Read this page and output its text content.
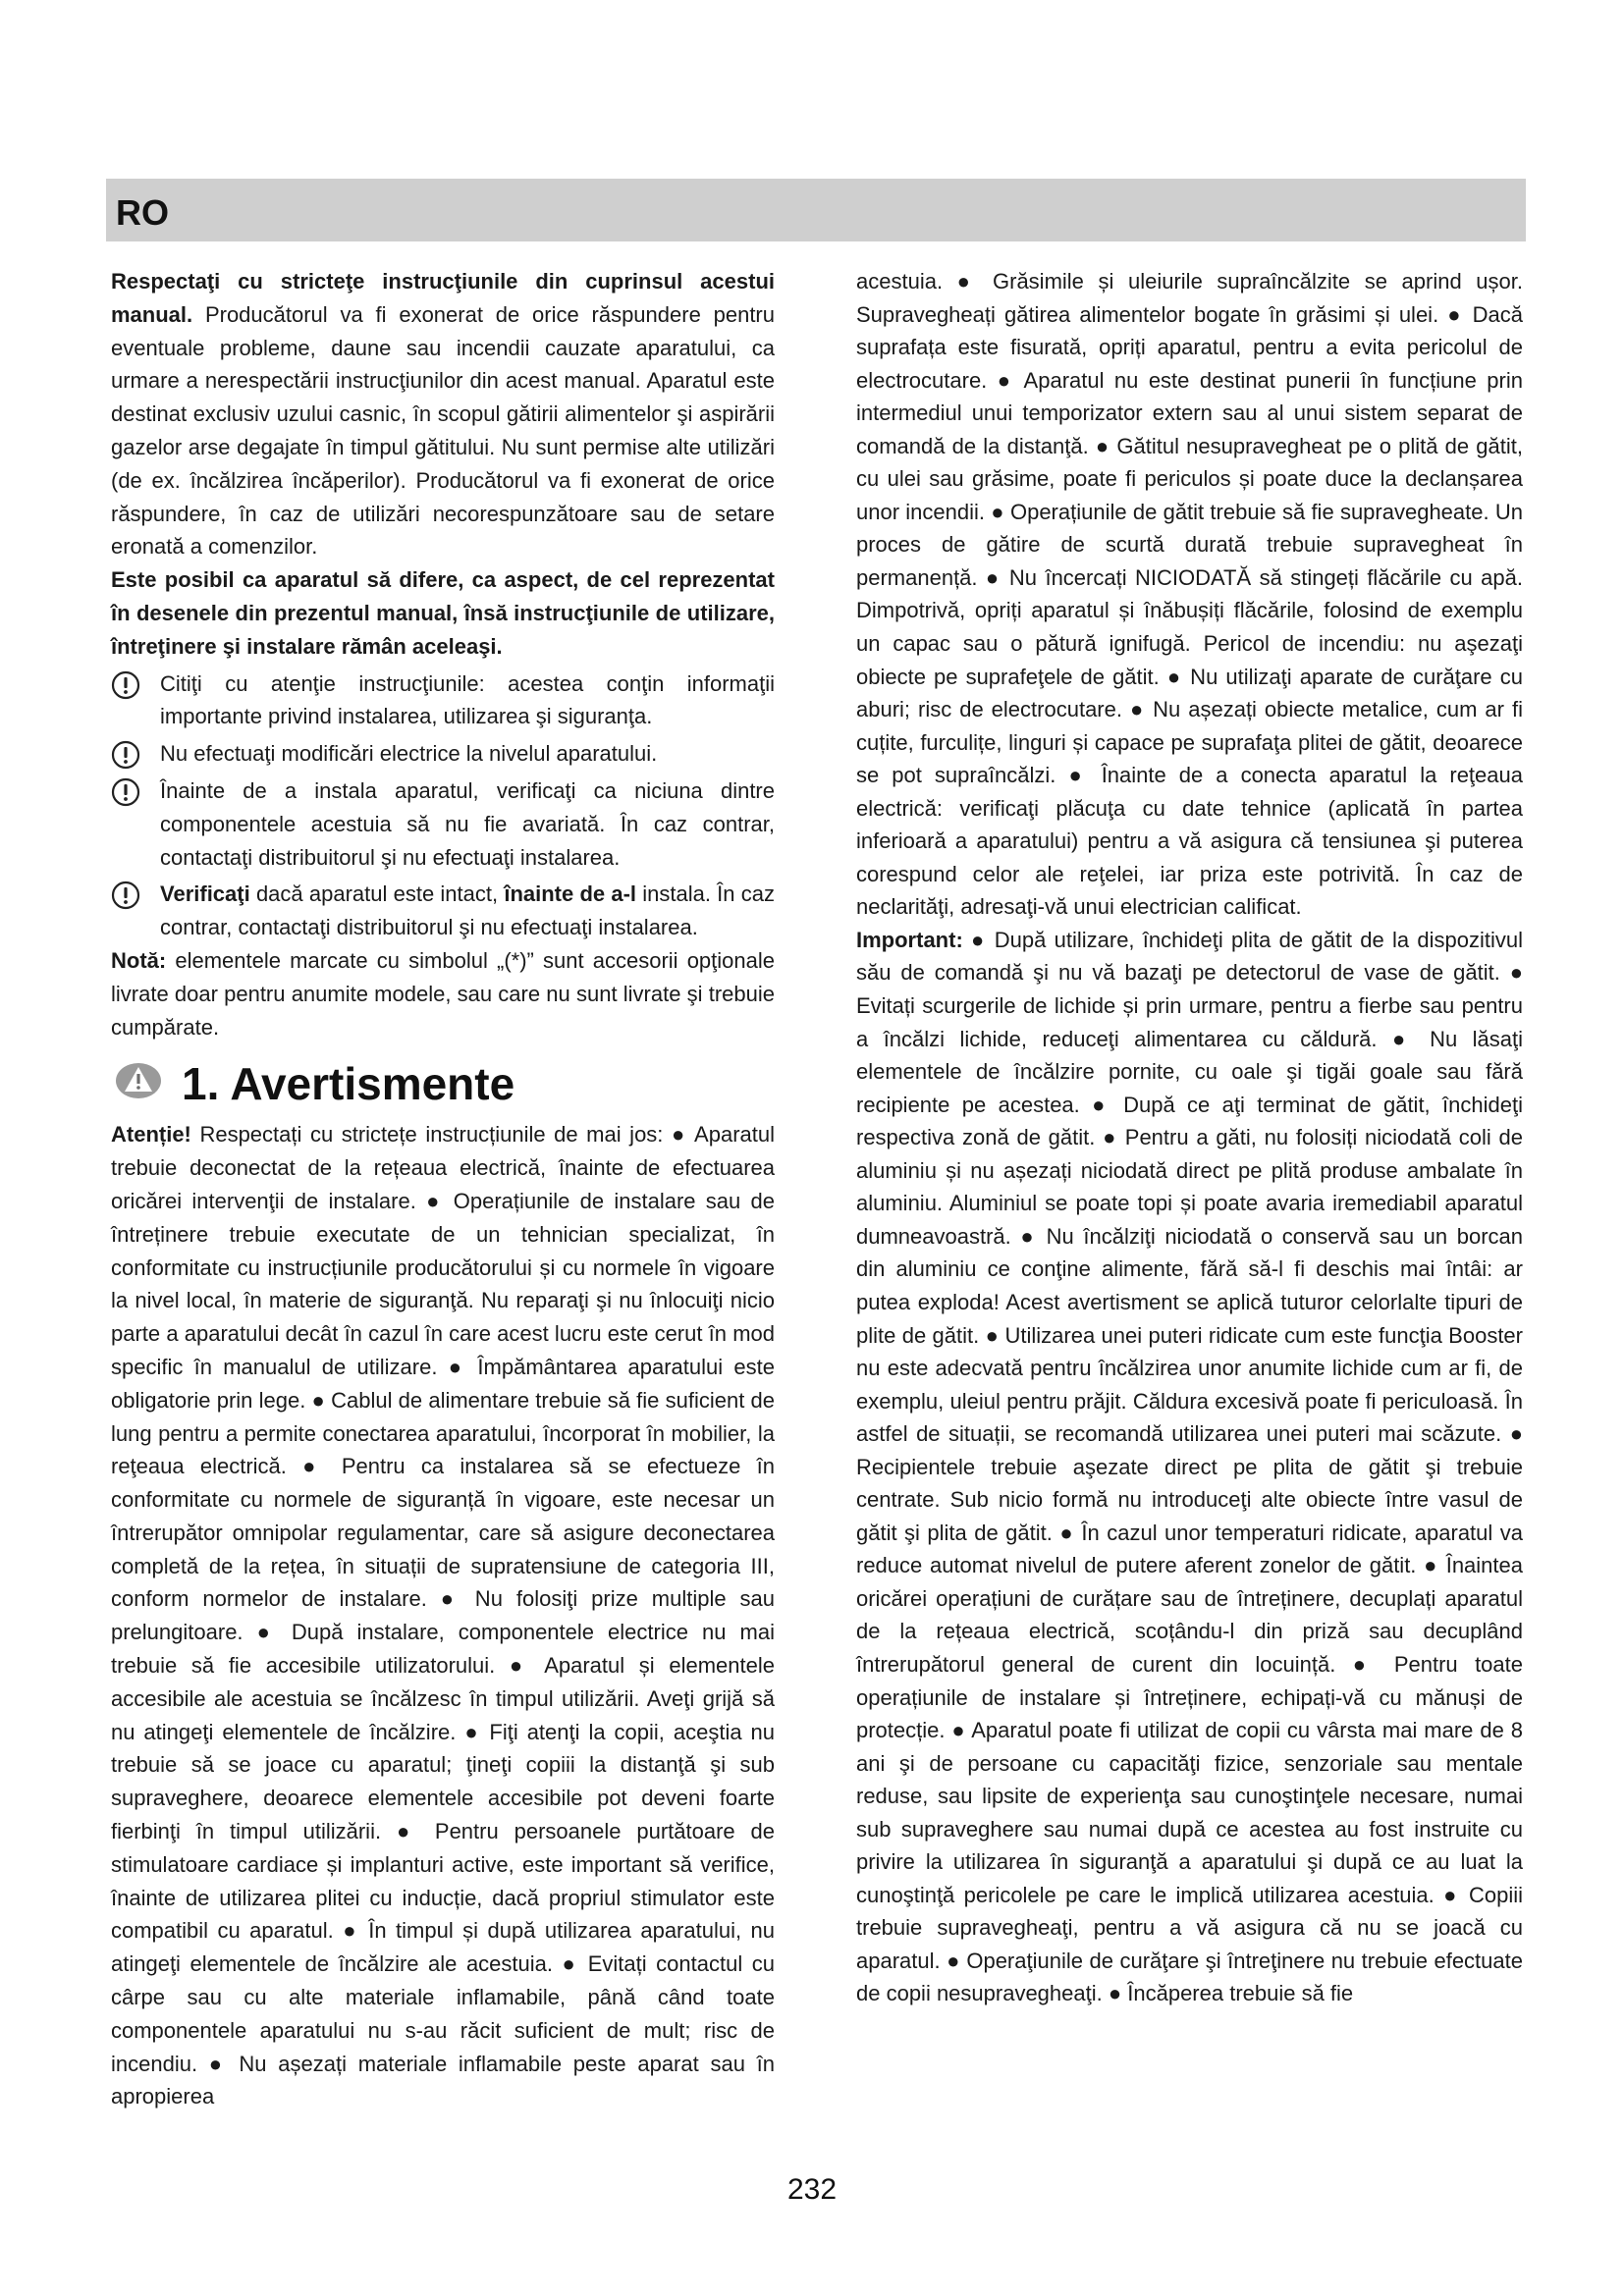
RO

Respectaţi cu stricteţe instrucţiunile din cuprinsul acestui manual. Producătorul va fi exonerat de orice răspundere pentru eventuale probleme, daune sau incendii cauzate aparatului, ca urmare a nerespectării instrucţiunilor din acest manual. Aparatul este destinat exclusiv uzului casnic, în scopul gătirii alimentelor şi aspirării gazelor arse degajate în timpul gătitului. Nu sunt permise alte utilizări (de ex. încălzirea încăperilor). Producătorul va fi exonerat de orice răspundere, în caz de utilizări necorespunzătoare sau de setare eronată a comenzilor.

Este posibil ca aparatul să difere, ca aspect, de cel reprezentat în desenele din prezentul manual, însă instrucţiunile de utilizare, întreţinere şi instalare rămân aceleaşi.

Citiţi cu atenţie instrucţiunile: acestea conţin informaţii importante privind instalarea, utilizarea şi siguranţa.

Nu efectuaţi modificări electrice la nivelul aparatului.

Înainte de a instala aparatul, verificaţi ca niciuna dintre componentele acestuia să nu fie avariată. În caz contrar, contactaţi distribuitorul şi nu efectuaţi instalarea.

Verificaţi dacă aparatul este intact, înainte de a-l instala. În caz contrar, contactaţi distribuitorul şi nu efectuaţi instalarea.

Notă: elementele marcate cu simbolul „(*)” sunt accesorii opţionale livrate doar pentru anumite modele, sau care nu sunt livrate şi trebuie cumpărate.

1. Avertismente

Atenție! Respectați cu strictețe instrucțiunile de mai jos: ● Aparatul trebuie deconectat de la rețeaua electrică, înainte de efectuarea oricărei intervenţii de instalare. ● Operațiunile de instalare sau de întreținere trebuie executate de un tehnician specializat, în conformitate cu instrucțiunile producătorului și cu normele în vigoare la nivel local, în materie de siguranţă. Nu reparaţi şi nu înlocuiţi nicio parte a aparatului decât în cazul în care acest lucru este cerut în mod specific în manualul de utilizare. ● Împământarea aparatului este obligatorie prin lege. ● Cablul de alimentare trebuie să fie suficient de lung pentru a permite conectarea aparatului, încorporat în mobilier, la reţeaua electrică. ● Pentru ca instalarea să se efectueze în conformitate cu normele de siguranță în vigoare, este necesar un întrerupător omnipolar regulamentar, care să asigure deconectarea completă de la rețea, în situații de supratensiune de categoria III, conform normelor de instalare. ● Nu folosiţi prize multiple sau prelungitoare. ● După instalare, componentele electrice nu mai trebuie să fie accesibile utilizatorului. ● Aparatul și elementele accesibile ale acestuia se încălzesc în timpul utilizării. Aveţi grijă să nu atingeţi elementele de încălzire. ● Fiţi atenţi la copii, aceştia nu trebuie să se joace cu aparatul; ţineţi copiii la distanţă şi sub supraveghere, deoarece elementele accesibile pot deveni foarte fierbinţi în timpul utilizării. ● Pentru persoanele purtătoare de stimulatoare cardiace și implanturi active, este important să verifice, înainte de utilizarea plitei cu inducție, dacă propriul stimulator este compatibil cu aparatul. ● În timpul și după utilizarea aparatului, nu atingeţi elementele de încălzire ale acestuia. ● Evitați contactul cu cârpe sau cu alte materiale inflamabile, până când toate componentele aparatului nu s-au răcit suficient de mult; risc de incendiu. ● Nu așezați materiale inflamabile peste aparat sau în apropierea

acestuia. ● Grăsimile și uleiurile supraîncălzite se aprind ușor. Supravegheați gătirea alimentelor bogate în grăsimi și ulei. ● Dacă suprafața este fisurată, opriți aparatul, pentru a evita pericolul de electrocutare. ● Aparatul nu este destinat punerii în funcțiune prin intermediul unui temporizator extern sau al unui sistem separat de comandă de la distanţă. ● Gătitul nesupravegheat pe o plită de gătit, cu ulei sau grăsime, poate fi periculos și poate duce la declanșarea unor incendii. ● Operațiunile de gătit trebuie să fie supravegheate. Un proces de gătire de scurtă durată trebuie supravegheat în permanență. ● Nu încercați NICIODATĂ să stingeți flăcările cu apă. Dimpotrivă, opriți aparatul și înăbușiți flăcările, folosind de exemplu un capac sau o pătură ignifugă. Pericol de incendiu: nu aşezaţi obiecte pe suprafeţele de gătit. ● Nu utilizaţi aparate de curăţare cu aburi; risc de electrocutare. ● Nu așezați obiecte metalice, cum ar fi cuțite, furculițe, linguri și capace pe suprafaţa plitei de gătit, deoarece se pot supraîncălzi. ● Înainte de a conecta aparatul la reţeaua electrică: verificaţi plăcuţa cu date tehnice (aplicată în partea inferioară a aparatului) pentru a vă asigura că tensiunea şi puterea corespund celor ale reţelei, iar priza este potrivită. În caz de neclarităţi, adresaţi-vă unui electrician calificat.

Important: ● După utilizare, închideţi plita de gătit de la dispozitivul său de comandă şi nu vă bazaţi pe detectorul de vase de gătit. ● Evitați scurgerile de lichide și prin urmare, pentru a fierbe sau pentru a încălzi lichide, reduceţi alimentarea cu căldură. ● Nu lăsaţi elementele de încălzire pornite, cu oale şi tigăi goale sau fără recipiente pe acestea. ● După ce aţi terminat de gătit, închideţi respectiva zonă de gătit. ● Pentru a găti, nu folosiți niciodată coli de aluminiu și nu așezați niciodată direct pe plită produse ambalate în aluminiu. Aluminiul se poate topi și poate avaria iremediabil aparatul dumneavoastră. ● Nu încălziţi niciodată o conservă sau un borcan din aluminiu ce conţine alimente, fără să-l fi deschis mai întâi: ar putea exploda! Acest avertisment se aplică tuturor celorlalte tipuri de plite de gătit. ● Utilizarea unei puteri ridicate cum este funcţia Booster nu este adecvată pentru încălzirea unor anumite lichide cum ar fi, de exemplu, uleiul pentru prăjit. Căldura excesivă poate fi periculoasă. În astfel de situații, se recomandă utilizarea unei puteri mai scăzute. ● Recipientele trebuie aşezate direct pe plita de gătit şi trebuie centrate. Sub nicio formă nu introduceţi alte obiecte între vasul de gătit şi plita de gătit. ● În cazul unor temperaturi ridicate, aparatul va reduce automat nivelul de putere aferent zonelor de gătit. ● Înaintea oricărei operațiuni de curățare sau de întreținere, decuplați aparatul de la rețeaua electrică, scoțându-l din priză sau decuplând întrerupătorul general de curent din locuință. ● Pentru toate operațiunile de instalare și întreținere, echipați-vă cu mănuși de protecție. ● Aparatul poate fi utilizat de copii cu vârsta mai mare de 8 ani şi de persoane cu capacităţi fizice, senzoriale sau mentale reduse, sau lipsite de experienţa sau cunoştinţele necesare, numai sub supraveghere sau numai după ce acestea au fost instruite cu privire la utilizarea în siguranţă a aparatului şi după ce au luat la cunoştinţă pericolele pe care le implică utilizarea acestuia. ● Copiii trebuie supravegheaţi, pentru a vă asigura că nu se joacă cu aparatul. ● Operaţiunile de curăţare şi întreţinere nu trebuie efectuate de copii nesupravegheaţi. ● Încăperea trebuie să fie

232
